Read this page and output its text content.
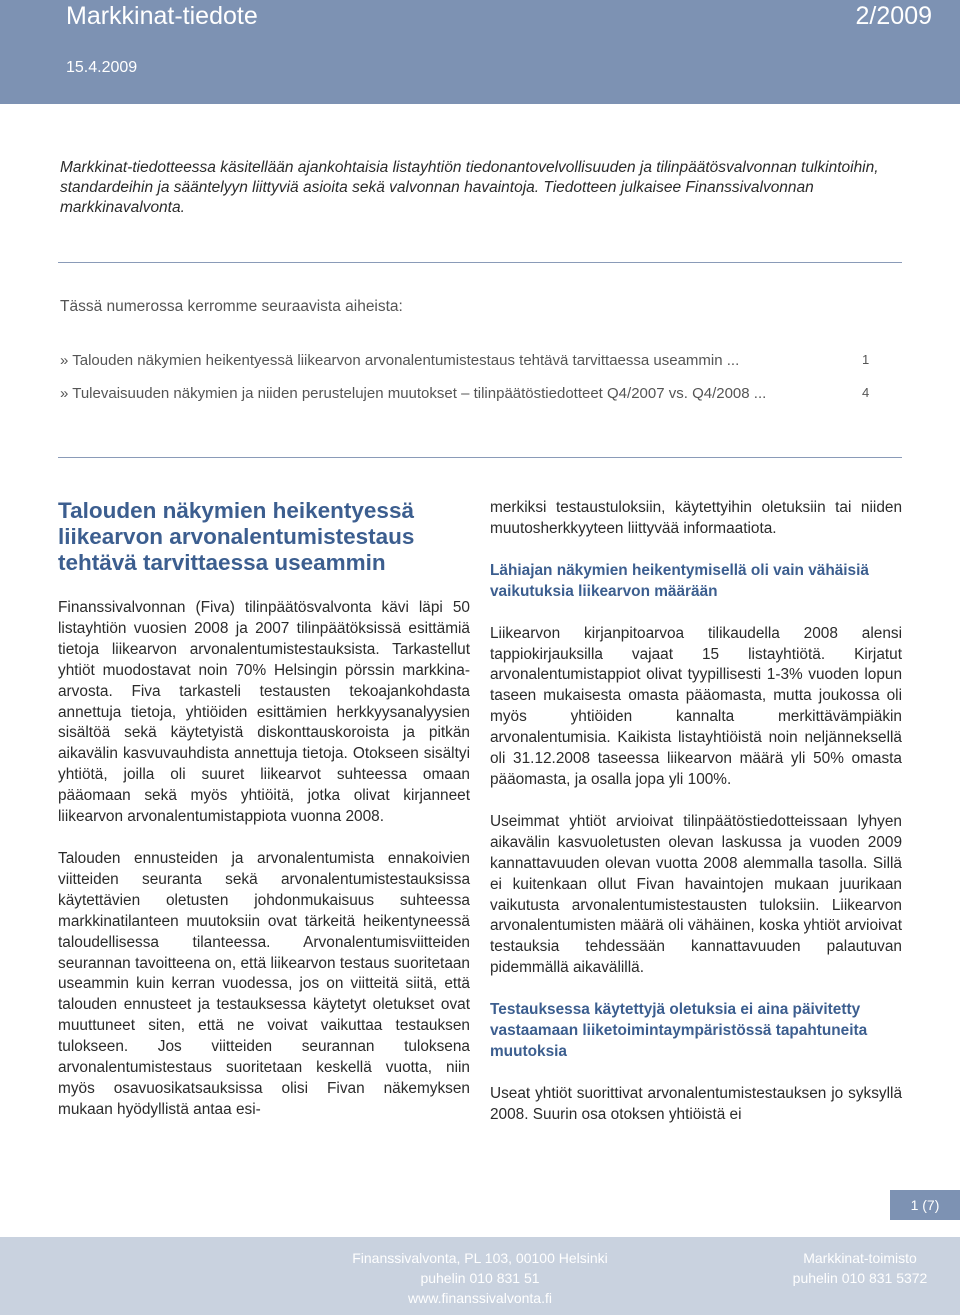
Markkinat-tiedote	2/2009
15.4.2009
Markkinat-tiedotteessa käsitellään ajankohtaisia listayhtiön tiedonantovelvollisuuden ja tilinpäätösvalvonnan tulkintoihin, standardeihin ja sääntelyyn liittyviä asioita sekä valvonnan havaintoja. Tiedotteen julkaisee Finanssivalvonnan markkinavalvonta.
Tässä numerossa kerromme seuraavista aiheista:
» Talouden näkymien heikentyessä liikearvon arvonalentumistestaus tehtävä tarvittaessa useammin ...	1
» Tulevaisuuden näkymien ja niiden perustelujen muutokset – tilinpäätöstiedotteet Q4/2007 vs. Q4/2008 ...	4
Talouden näkymien heikentyessä liikearvon arvonalentumistestaus tehtävä tarvittaessa useammin

Finanssivalvonnan (Fiva) tilinpäätösvalvonta kävi läpi 50 listayhtiön vuosien 2008 ja 2007 tilinpäätöksissä esittämiä tietoja liikearvon arvonalentumistestauksista. Tarkastellut yhtiöt muodostavat noin 70% Helsingin pörssin markkina-arvosta. Fiva tarkasteli testausten tekoajankohdasta annettuja tietoja, yhtiöiden esittämien herkkyysanalyysien sisältöä sekä käytetyistä diskonttauskoroista ja pitkän aikavälin kasvuvauhdista annettuja tietoja. Otokseen sisältyi yhtiötä, joilla oli suuret liikearvot suhteessa omaan pääomaan sekä myös yhtiöitä, jotka olivat kirjanneet liikearvon arvonalentumistappiota vuonna 2008.

Talouden ennusteiden ja arvonalentumista ennakoivien viitteiden seuranta sekä arvonalentumistestauksissa käytettävien oletusten johdonmukaisuus suhteessa markkinatilanteen muutoksiin ovat tärkeitä heikentyneessä taloudellisessa tilanteessa. Arvonalentumisviitteiden seurannan tavoitteena on, että liikearvon testaus suoritetaan useammin kuin kerran vuodessa, jos on viitteitä siitä, että talouden ennusteet ja testauksessa käytetyt oletukset ovat muuttuneet siten, että ne voivat vaikuttaa testauksen tulokseen. Jos viitteiden seurannan tuloksena arvonalentumistestaus suoritetaan keskellä vuotta, niin myös osavuosikatsauksissa olisi Fivan näkemyksen mukaan hyödyllistä antaa esi-

merkiksi testaustuloksiin, käytettyihin oletuksiin tai niiden muutosherkkyyteen liittyvää informaatiota.

Lähiajan näkymien heikentymisellä oli vain vähäisiä vaikutuksia liikearvon määrään

Liikearvon kirjanpitoarvoa tilikaudella 2008 alensi tappiokirjauksilla vajaat 15 listayhtiötä. Kirjatut arvonalentumistappiot olivat tyypillisesti 1-3% vuoden lopun taseen mukaisesta omasta pääomasta, mutta joukossa oli myös yhtiöiden kannalta merkittävämpiäkin arvonalentumisia. Kaikista listayhtiöistä noin neljänneksellä oli 31.12.2008 taseessa liikearvon määrä yli 50% omasta pääomasta, ja osalla jopa yli 100%.

Useimmat yhtiöt arvioivat tilinpäätöstiedotteissaan lyhyen aikavälin kasvuoletusten olevan laskussa ja vuoden 2009 kannattavuuden olevan vuotta 2008 alemmalla tasolla. Sillä ei kuitenkaan ollut Fivan havaintojen mukaan juurikaan vaikutusta arvonalentumistestausten tuloksiin. Liikearvon arvonalentumisten määrä oli vähäinen, koska yhtiöt arvioivat testauksia tehdessään kannattavuuden palautuvan pidemmällä aikavälillä.

Testauksessa käytettyjä oletuksia ei aina päivitetty vastaamaan liiketoimintaympäristössä tapahtuneita muutoksia

Useat yhtiöt suorittivat arvonalentumistestauksen jo syksyllä 2008. Suurin osa otoksen yhtiöistä ei

1 (7)
Finanssivalvonta, PL 103, 00100 Helsinki
puhelin 010 831 51
www.finanssivalvonta.fi
Markkinat-toimisto
puhelin 010 831 5372
